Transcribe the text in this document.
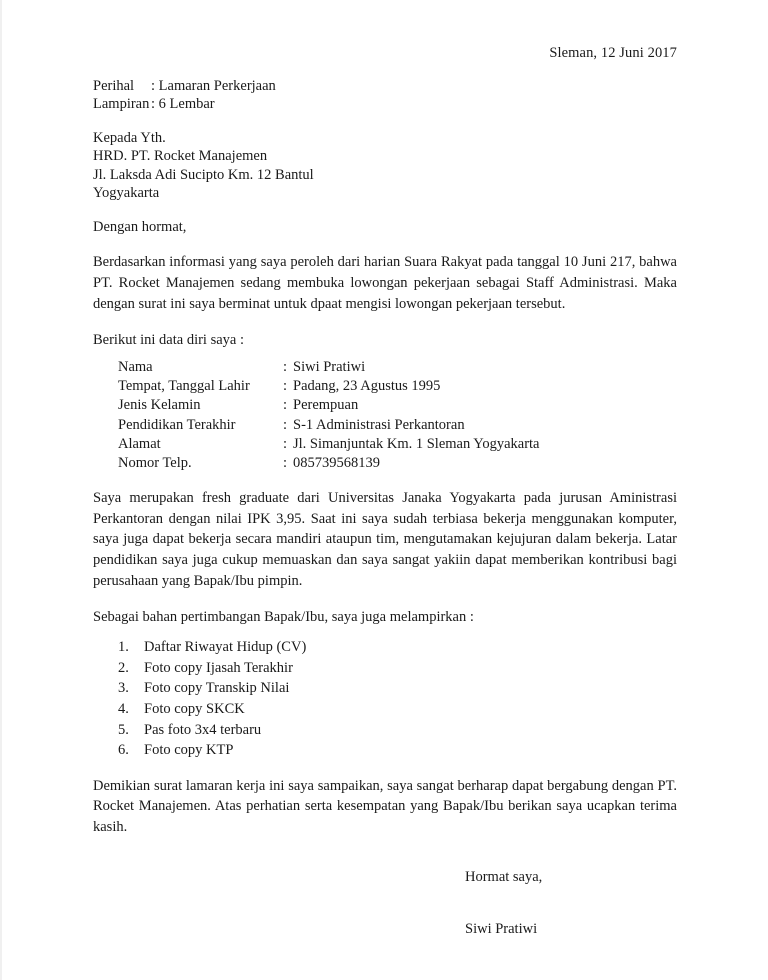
Sleman, 12 Juni 2017
Perihal : Lamaran Perkerjaan
Lampiran : 6 Lembar
Kepada Yth.
HRD. PT. Rocket Manajemen
Jl. Laksda Adi Sucipto Km. 12 Bantul
Yogyakarta
Dengan hormat,

Berdasarkan informasi yang saya peroleh dari harian Suara Rakyat pada tanggal 10 Juni 217, bahwa PT. Rocket Manajemen sedang membuka lowongan pekerjaan sebagai Staff Administrasi. Maka dengan surat ini saya berminat untuk dpaat mengisi lowongan pekerjaan tersebut.

Berikut ini data diri saya :
Nama	:	Siwi Pratiwi
Tempat, Tanggal Lahir	:	Padang, 23 Agustus 1995
Jenis Kelamin	:	Perempuan
Pendidikan Terakhir	:	S-1 Administrasi Perkantoran
Alamat	:	Jl. Simanjuntak Km. 1 Sleman Yogyakarta
Nomor Telp.	:	085739568139

Saya merupakan fresh graduate dari Universitas Janaka Yogyakarta pada jurusan Aministrasi Perkantoran dengan nilai IPK 3,95. Saat ini saya sudah terbiasa bekerja menggunakan komputer, saya juga dapat bekerja secara mandiri ataupun tim, mengutamakan kejujuran dalam bekerja. Latar pendidikan saya juga cukup memuaskan dan saya sangat yakiin dapat memberikan kontribusi bagi perusahaan yang Bapak/Ibu pimpin.

Sebagai bahan pertimbangan Bapak/Ibu, saya juga melampirkan :

1. Daftar Riwayat Hidup (CV)
2. Foto copy Ijasah Terakhir
3. Foto copy Transkip Nilai
4. Foto copy SKCK
5. Pas foto 3x4 terbaru
6. Foto copy KTP

Demikian surat lamaran kerja ini saya sampaikan, saya sangat berharap dapat bergabung dengan PT. Rocket Manajemen. Atas perhatian serta kesempatan yang Bapak/Ibu berikan saya ucapkan terima kasih.

Hormat saya,
Siwi Pratiwi
